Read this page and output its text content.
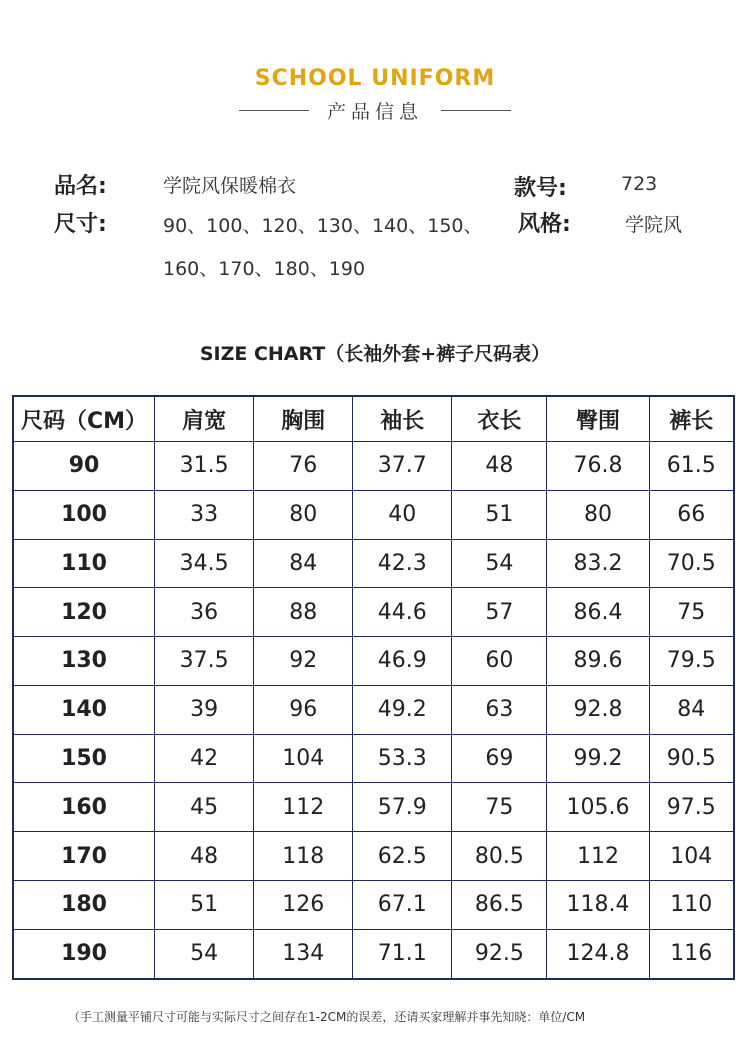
SCHOOL UNIFORM
产品信息
品名:	学院风保暖棉衣
尺寸:	90、100、120、130、140、150、
160、170、180、190
款号:	723
风格:	学院风
SIZE CHART（长袖外套+裤子尺码表）
尺码（CM）	肩宽	胸围	袖长	衣长	臀围	裤长
90	31.5	76	37.7	48	76.8	61.5
100	33	80	40	51	80	66
110	34.5	84	42.3	54	83.2	70.5
120	36	88	44.6	57	86.4	75
130	37.5	92	46.9	60	89.6	79.5
140	39	96	49.2	63	92.8	84
150	42	104	53.3	69	99.2	90.5
160	45	112	57.9	75	105.6	97.5
170	48	118	62.5	80.5	112	104
180	51	126	67.1	86.5	118.4	110
190	54	134	71.1	92.5	124.8	116
（手工测量平铺尺寸可能与实际尺寸之间存在1-2CM的误差，还请买家理解并事先知晓：单位/CM
